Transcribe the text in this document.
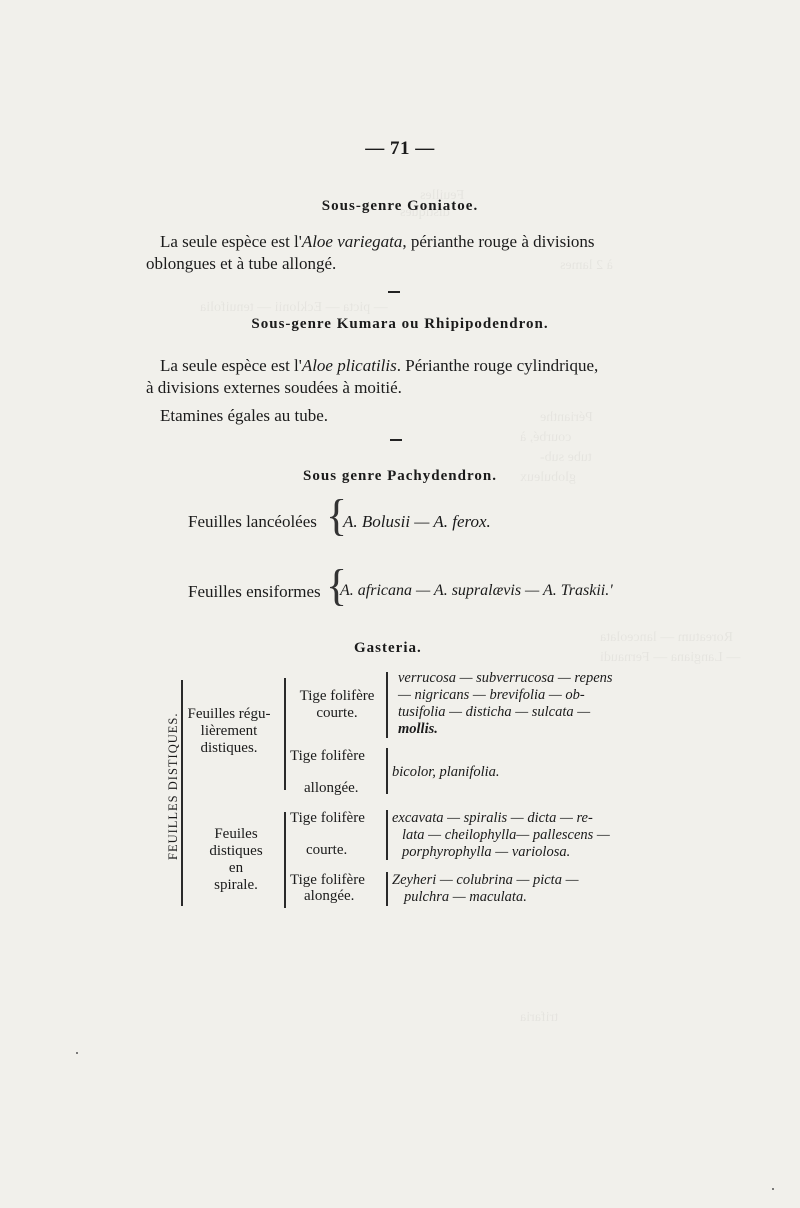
— 71 —
Sous-genre Goniatoe.
La seule espèce est l'Aloe variegata, périanthe rouge à divisions
oblongues et à tube allongé.
Sous-genre Kumara ou Rhipipodendron.
La seule espèce est l'Aloe plicatilis. Périanthe rouge cylindrique,
à divisions externes soudées à moitié.
Etamines égales au tube.
Sous genre Pachydendron.
Feuilles lancéolées {
A. Bolusii — A. ferox.
Feuilles ensiformes {
A. africana — A. supralævis — A. Traskii.'
Gasteria.
FEUILLES DISTIQUES. Feuilles régu-
lièrement
distiques.
Tige folifère
courte.
verrucosa — subverrucosa — repens
— nigricans — brevifolia — ob-
tusifolia — disticha — sulcata —
mollis.
Tige folifère
allongée.
bicolor, planifolia.
Feuiles
distiques
en
spirale.
Tige folifère
courte.
excavata — spiralis — dicta — re-
lata — cheilophylla— pallescens —
porphyrophylla — variolosa.
Tige folifère
alongée.
Zeyheri — colubrina — picta —
pulchra — maculata.
